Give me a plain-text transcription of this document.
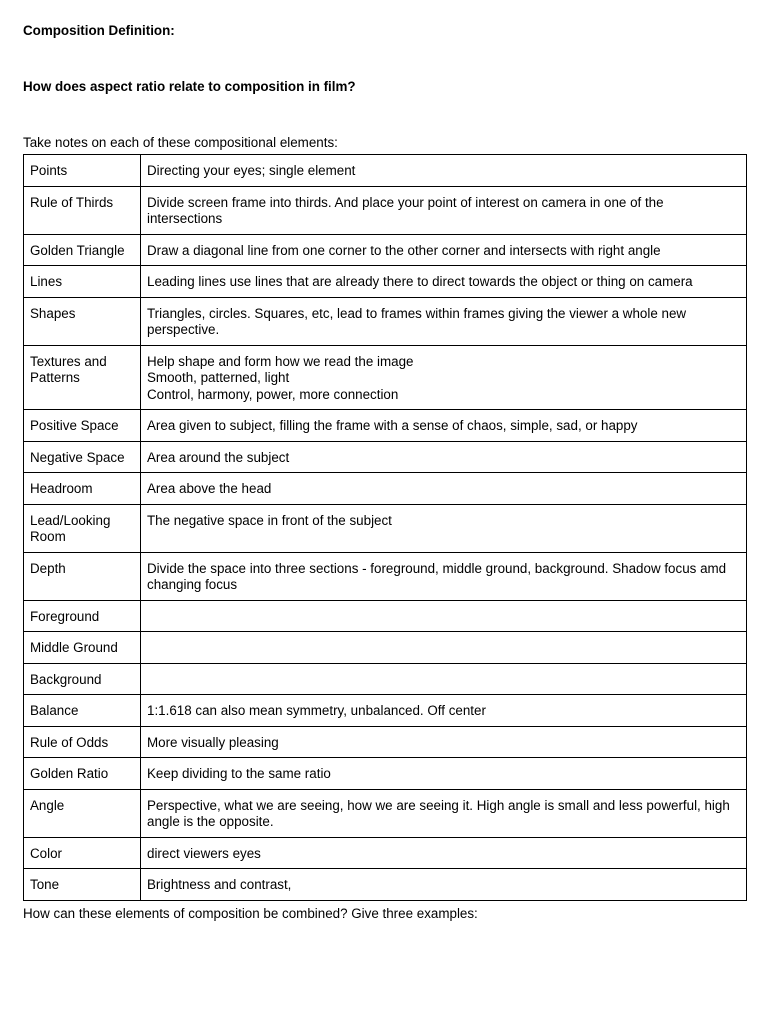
Composition Definition:
How does aspect ratio relate to composition in film?
Take notes on each of these compositional elements:
Points	Directing your eyes; single element
Rule of Thirds	Divide screen frame into thirds. And place your point of interest on camera in one of the intersections
Golden Triangle	Draw a diagonal line from one corner to the other corner and intersects with right angle
Lines	Leading lines use lines that are already there to direct towards the object or thing on camera
Shapes	Triangles, circles. Squares, etc, lead to frames within frames giving the viewer a whole new perspective.
Textures and Patterns	Help shape and form how we read the image
Smooth, patterned, light
Control, harmony, power, more connection
Positive Space	Area given to subject, filling the frame with a sense of chaos, simple, sad, or happy
Negative Space	Area around the subject
Headroom	Area above the head
Lead/Looking Room	The negative space in front of the subject
Depth	Divide the space into three sections - foreground, middle ground, background. Shadow focus amd changing focus
Foreground	
Middle Ground	
Background	
Balance	1:1.618 can also mean symmetry, unbalanced. Off center
Rule of Odds	More visually pleasing
Golden Ratio	Keep dividing to the same ratio
Angle	Perspective, what we are seeing, how we are seeing it. High angle is small and less powerful, high angle is the opposite.
Color	direct viewers eyes
Tone	Brightness and contrast,
How can these elements of composition be combined? Give three examples:
